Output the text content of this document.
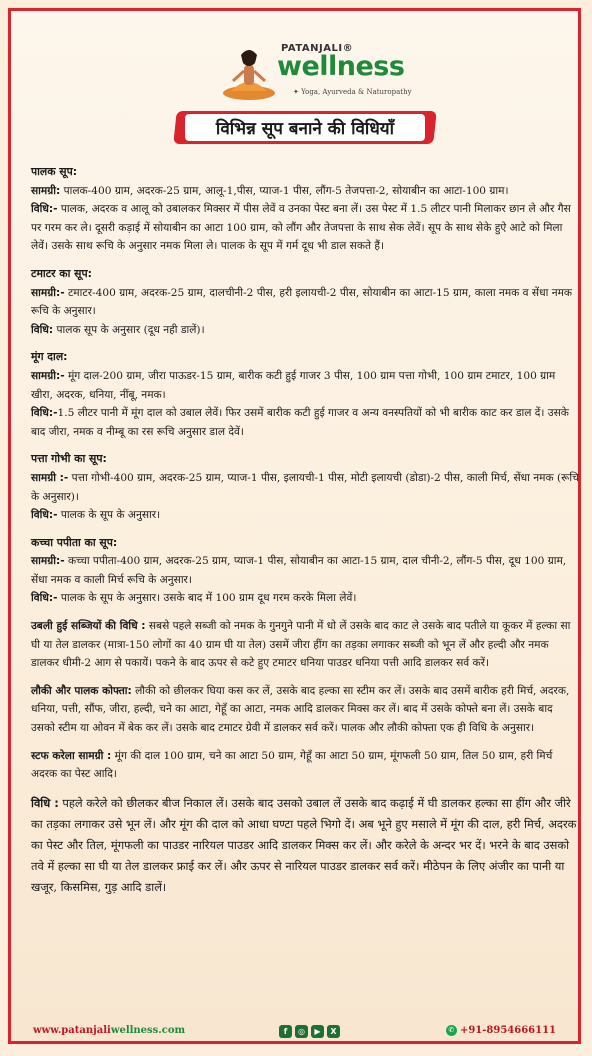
PATANJALI®
wellness
✦ Yoga, Ayurveda & Naturopathy
विभिन्न सूप बनाने की विधियाँ

पालक सूप:

सामग्री: पालक-400 ग्राम, अदरक-25 ग्राम, आलू-1,पीस, प्याज-1 पीस, लौंग-5 तेजपत्ता-2, सोयाबीन का आटा-100 ग्राम।

विधि:- पालक, अदरक व आलू को उबालकर मिक्सर में पीस लेवें व उनका पेस्ट बना लें। उस पेस्ट में 1.5 लीटर पानी मिलाकर छान ले और गैस पर गरम कर ले। दूसरी कड़ाई में सोयाबीन का आटा 100 ग्राम, को लौंग और तेजपत्ता के साथ सेक लेवें। सूप के साथ सेके हुऐ आटे को मिला लेवें। उसके साथ रूचि के अनुसार नमक मिला ले। पालक के सूप में गर्म दूध भी डाल सकते हैं।

टमाटर का सूप:

सामग्री:- टमाटर-400 ग्राम, अदरक-25 ग्राम, दालचीनी-2 पीस, हरी इलायची-2 पीस, सोयाबीन का आटा-15 ग्राम, काला नमक व सेंधा नमक रूचि के अनुसार।

विधि: पालक सूप के अनुसार (दूध नही डालें)।

मूंग दाल:

सामग्री:- मूंग दाल-200 ग्राम, जीरा पाऊडर-15 ग्राम, बारीक कटी हुई गाजर 3 पीस, 100 ग्राम पत्ता गोभी, 100 ग्राम टमाटर, 100 ग्राम खीरा, अदरक, धनिया, नींबू, नमक।

विधि:-1.5 लीटर पानी में मूंग दाल को उबाल लेवें। फिर उसमें बारीक कटी हुई गाजर व अन्य वनस्पतियों को भी बारीक काट कर डाल दें। उसके बाद जीरा, नमक व नीम्बू का रस रूचि अनुसार डाल देवें।

पत्ता गोभी का सूप:

सामग्री :- पत्ता गोभी-400 ग्राम, अदरक-25 ग्राम, प्याज-1 पीस, इलायची-1 पीस, मोटी इलायची (डोडा)-2 पीस, काली मिर्च, सेंधा नमक (रूचि के अनुसार)।

विधि:- पालक के सूप के अनुसार।

कच्चा पपीता का सूप:

सामग्री:- कच्चा पपीता-400 ग्राम, अदरक-25 ग्राम, प्याज-1 पीस, सोयाबीन का आटा-15 ग्राम, दाल चीनी-2, लौंग-5 पीस, दूध 100 ग्राम, सेंधा नमक व काली मिर्च रूचि के अनुसार।

विधि:- पालक के सूप के अनुसार। उसके बाद में 100 ग्राम दूध गरम करके मिला लेवें।

उबली हुई सब्जियों की विधि : सबसे पहले सब्जी को नमक के गुनगुने पानी में धो लें उसके बाद काट ले उसके बाद पतीले या कूकर में हल्का सा घी या तेल डालकर (मात्रा-150 लोगों का 40 ग्राम घी या तेल) उसमें जीरा हींग का तड़का लगाकर सब्जी को भून लें और हल्दी और नमक डालकर धीमी-2 आग से पकायें। पकने के बाद ऊपर से कटे हुए टमाटर धनिया पाउडर धनिया पत्ती आदि डालकर सर्व करें।

लौकी और पालक कोफ्ता: लौकी को छीलकर घिया कस कर लें, उसके बाद हल्का सा स्टीम कर लें। उसके बाद उसमें बारीक हरी मिर्च, अदरक, धनिया, पत्ती, सौंफ, जीरा, हल्दी, चने का आटा, गेहूँ का आटा, नमक आदि डालकर मिक्स कर लें। बाद में उसके कोफ्ते बना लें। उसके बाद उसको स्टीम या ओवन में बेक कर लें। उसके बाद टमाटर ग्रेवी में डालकर सर्व करें। पालक और लौकी कोफ्ता एक ही विधि के अनुसार।

स्टफ करेला सामग्री : मूंग की दाल 100 ग्राम, चने का आटा 50 ग्राम, गेहूँ का आटा 50 ग्राम, मूंगफली 50 ग्राम, तिल 50 ग्राम, हरी मिर्च अदरक का पेस्ट आदि।

विधि : पहले करेले को छीलकर बीज निकाल लें। उसके बाद उसको उबाल लें उसके बाद कढ़ाई में घी डालकर हल्का सा हींग और जीरे का तड़का लगाकर उसे भून लें। और मूंग की दाल को आधा घण्टा पहले भिगो दें। अब भूने हुए मसाले में मूंग की दाल, हरी मिर्च, अदरक का पेस्ट और तिल, मूंगफली का पाउडर नारियल पाउडर आदि डालकर मिक्स कर लें। और करेले के अन्दर भर दें। भरने के बाद उसको तवे में हल्का सा घी या तेल डालकर फ्राई कर लें। और ऊपर से नारियल पाउडर डालकर सर्व करें। मीठेपन के लिए अंजीर का पानी या खजूर, किसमिस, गुड़ आदि डालें।

www.patanjaliwellness.com	f	◎	▶	X	✆ +91-8954666111
